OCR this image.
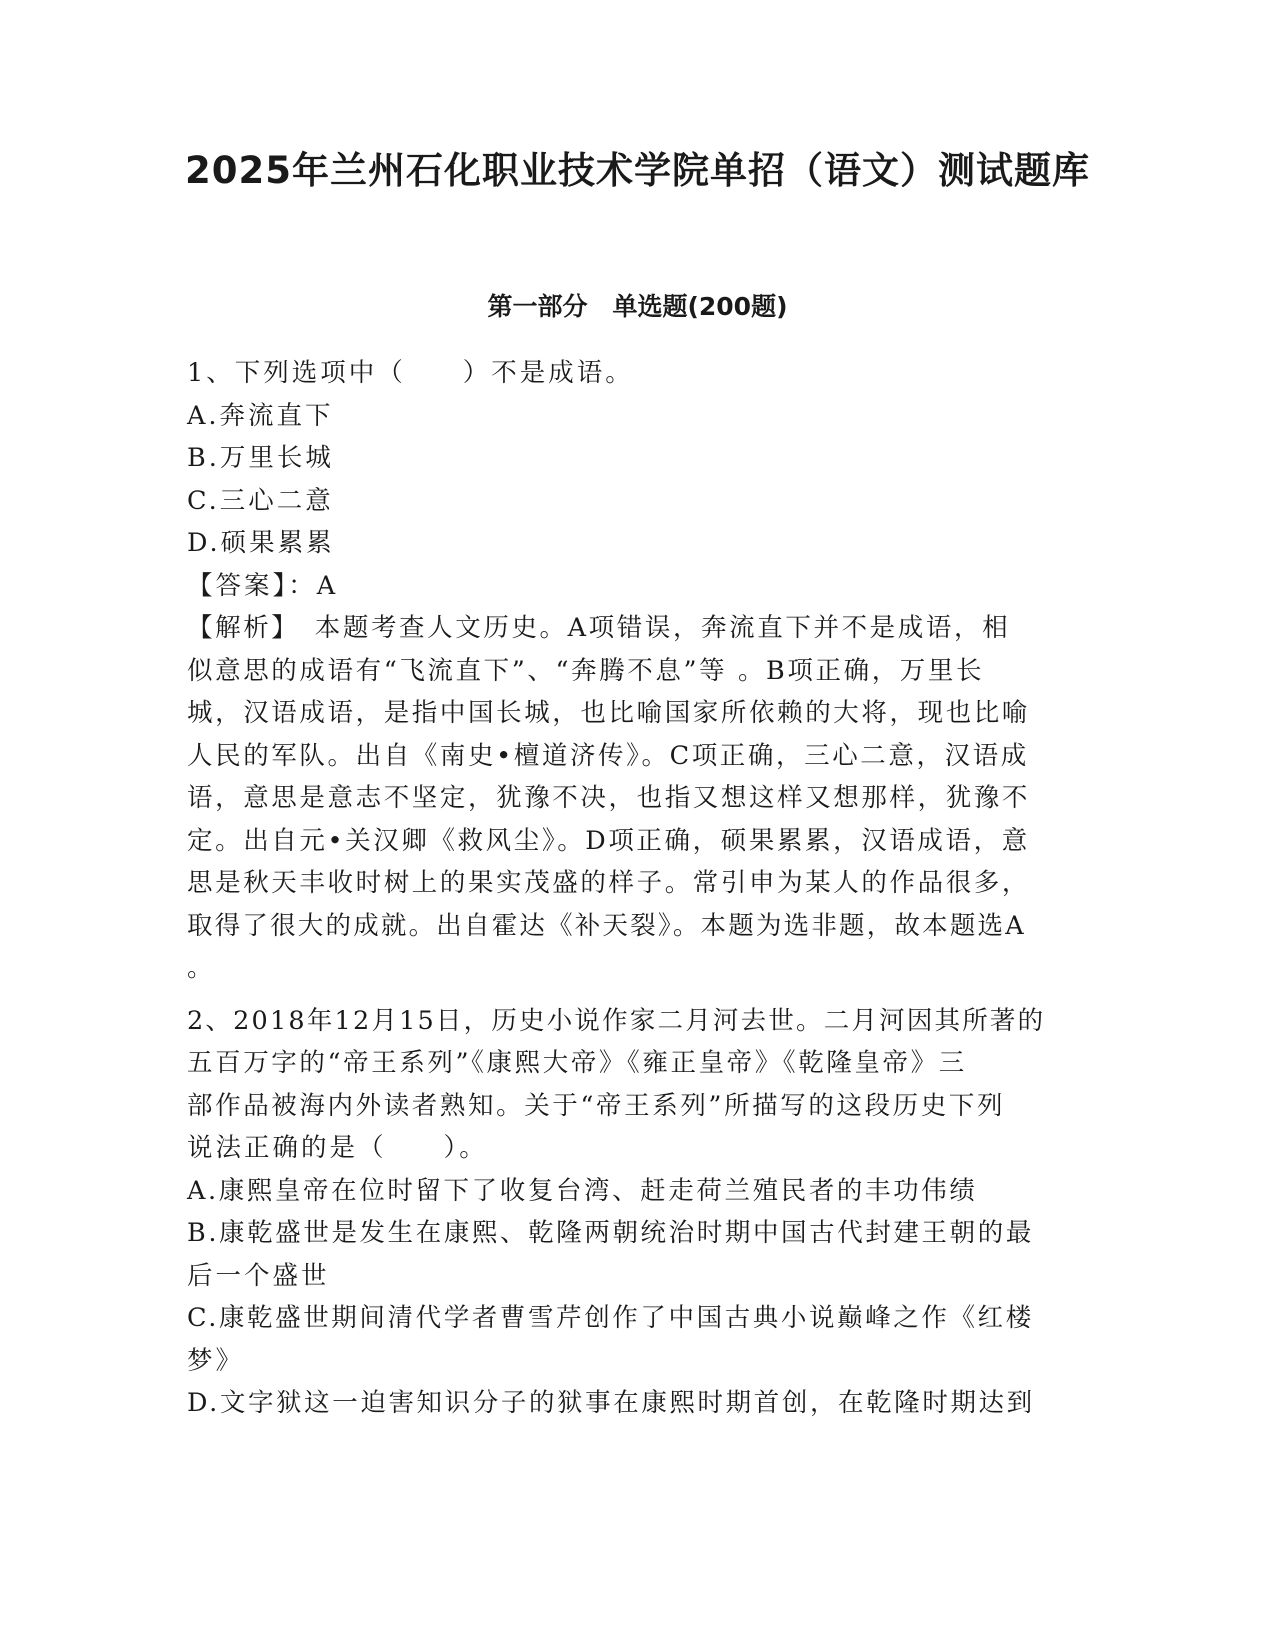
2025年兰州石化职业技术学院单招（语文）测试题库
第一部分　单选题(200题)

1、下列选项中（　　）不是成语。

A.奔流直下

B.万里长城

C.三心二意

D.硕果累累

【答案】：A

【解析】　本题考查人文历史。A项错误，奔流直下并不是成语，相

似意思的成语有“飞流直下”、“奔腾不息”等 。B项正确，万里长

城，汉语成语，是指中国长城，也比喻国家所依赖的大将，现也比喻

人民的军队。出自《南史•檀道济传》。C项正确，三心二意，汉语成

语，意思是意志不坚定，犹豫不决，也指又想这样又想那样，犹豫不

定。出自元•关汉卿《救风尘》。D项正确，硕果累累，汉语成语，意

思是秋天丰收时树上的果实茂盛的样子。常引申为某人的作品很多，

取得了很大的成就。出自霍达《补天裂》。本题为选非题，故本题选A

。

2、2018年12月15日，历史小说作家二月河去世。二月河因其所著的

五百万字的“帝王系列”《康熙大帝》《雍正皇帝》《乾隆皇帝》三

部作品被海内外读者熟知。关于“帝王系列”所描写的这段历史下列

说法正确的是（　　）。

A.康熙皇帝在位时留下了收复台湾、赶走荷兰殖民者的丰功伟绩

B.康乾盛世是发生在康熙、乾隆两朝统治时期中国古代封建王朝的最

后一个盛世

C.康乾盛世期间清代学者曹雪芹创作了中国古典小说巅峰之作《红楼

梦》

D.文字狱这一迫害知识分子的狱事在康熙时期首创，在乾隆时期达到
